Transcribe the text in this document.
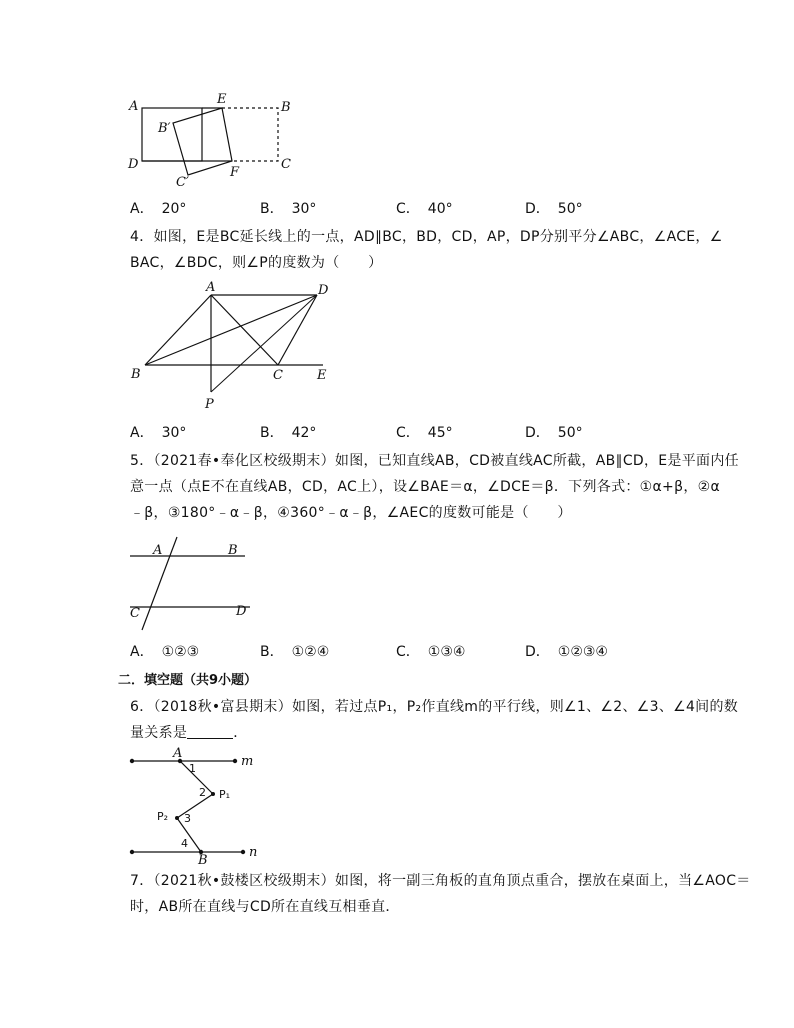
A	E
B
B′
D	C
C′
F
A． 20°	B． 30°	C． 40°	D． 50°
4．如图，E是BC延长线上的一点，AD∥BC，BD，CD，AP，DP分别平分∠ABC，∠ACE，∠
BAC，∠BDC，则∠P的度数为（　　）
A	D
B	C	E
P
A． 30°	B． 42°	C． 45°	D． 50°
5．（2021春•奉化区校级期末）如图，已知直线AB，CD被直线AC所截，AB∥CD，E是平面内任
意一点（点E不在直线AB，CD，AC上），设∠BAE＝α，∠DCE＝β．下列各式：①α+β，②α
﹣β，③180°﹣α﹣β，④360°﹣α﹣β，∠AEC的度数可能是（　　）
A	B
C	D
A． ①②③	B． ①②④	C． ①③④	D． ①②③④
二．填空题（共9小题）
6．（2018秋•富县期末）如图，若过点P₁，P₂作直线m的平行线，则∠1、∠2、∠3、∠4间的数
量关系是	．
A
m
1
2 P₁
P₂ 3
4
B
n
7．（2021秋•鼓楼区校级期末）如图，将一副三角板的直角顶点重合，摆放在桌面上，当∠AOC＝
时，AB所在直线与CD所在直线互相垂直．
